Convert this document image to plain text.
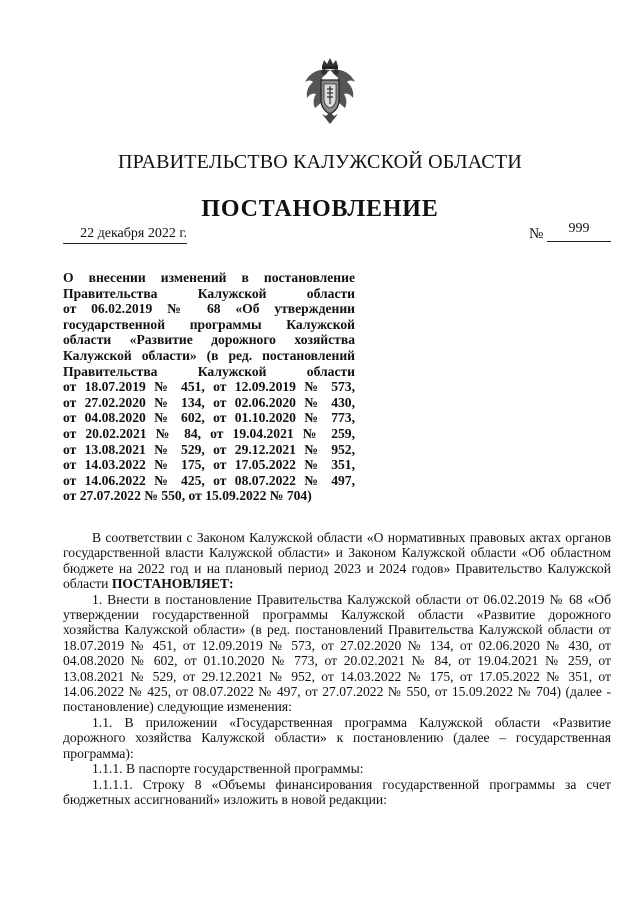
ПРАВИТЕЛЬСТВО КАЛУЖСКОЙ ОБЛАСТИ
ПОСТАНОВЛЕНИЕ
22 декабря 2022 г.	№	999
О внесении изменений в постановление
Правительства Калужской области
от 06.02.2019 № 68 «Об утверждении
государственной программы Калужской
области «Развитие дорожного хозяйства
Калужской области» (в ред. постановлений
Правительства Калужской области
от 18.07.2019 № 451, от 12.09.2019 № 573,
от 27.02.2020 № 134, от 02.06.2020 № 430,
от 04.08.2020 № 602, от 01.10.2020 № 773,
от 20.02.2021 № 84, от 19.04.2021 № 259,
от 13.08.2021 № 529, от 29.12.2021 № 952,
от 14.03.2022 № 175, от 17.05.2022 № 351,
от 14.06.2022 № 425, от 08.07.2022 № 497,
от 27.07.2022 № 550, от 15.09.2022 № 704)

В соответствии с Законом Калужской области «О нормативных правовых актах органов государственной власти Калужской области» и Законом Калужской области «Об областном бюджете на 2022 год и на плановый период 2023 и 2024 годов» Правительство Калужской области ПОСТАНОВЛЯЕТ:

1. Внести в постановление Правительства Калужской области от 06.02.2019 № 68 «Об утверждении государственной программы Калужской области «Развитие дорожного хозяйства Калужской области» (в ред. постановлений Правительства Калужской области от 18.07.2019 № 451, от 12.09.2019 № 573, от 27.02.2020 № 134, от 02.06.2020 № 430, от 04.08.2020 № 602, от 01.10.2020 № 773, от 20.02.2021 № 84, от 19.04.2021 № 259, от 13.08.2021 № 529, от 29.12.2021 № 952, от 14.03.2022 № 175, от 17.05.2022 № 351, от 14.06.2022 № 425, от 08.07.2022 № 497, от 27.07.2022 № 550, от 15.09.2022 № 704) (далее - постановление) следующие изменения:

1.1. В приложении «Государственная программа Калужской области «Развитие дорожного хозяйства Калужской области» к постановлению (далее – государственная программа):

1.1.1. В паспорте государственной программы:

1.1.1.1. Строку 8 «Объемы финансирования государственной программы за счет бюджетных ассигнований» изложить в новой редакции:
